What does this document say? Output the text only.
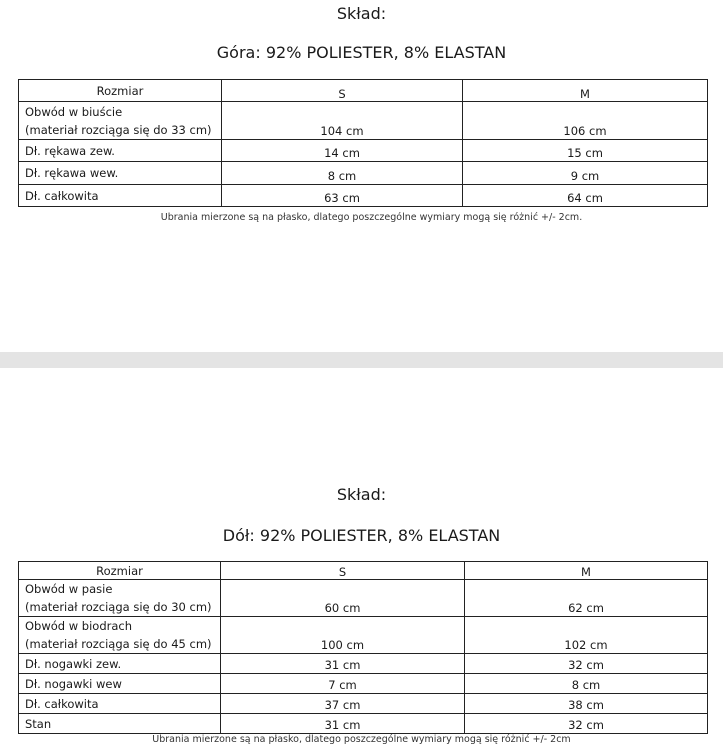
Skład:
Góra: 92% POLIESTER, 8% ELASTAN
Rozmiar	S	M

Obwód w biuście
(materiał rozciąga się do 33 cm)	104 cm	106 cm
Dł. rękawa zew.	14 cm	15 cm
Dł. rękawa wew.	8 cm	9 cm
Dł. całkowita	63 cm	64 cm
Ubrania mierzone są na płasko, dlatego poszczególne wymiary mogą się różnić +/- 2cm.
Skład:
Dół: 92% POLIESTER, 8% ELASTAN
Rozmiar	S	M

Obwód w pasie
(materiał rozciąga się do 30 cm)	60 cm	62 cm

Obwód w biodrach
(materiał rozciąga się do 45 cm)	100 cm	102 cm
Dł. nogawki zew.	31 cm	32 cm
Dł. nogawki wew	7 cm	8 cm
Dł. całkowita	37 cm	38 cm
Stan	31 cm	32 cm
Ubrania mierzone są na płasko, dlatego poszczególne wymiary mogą się różnić +/- 2cm
